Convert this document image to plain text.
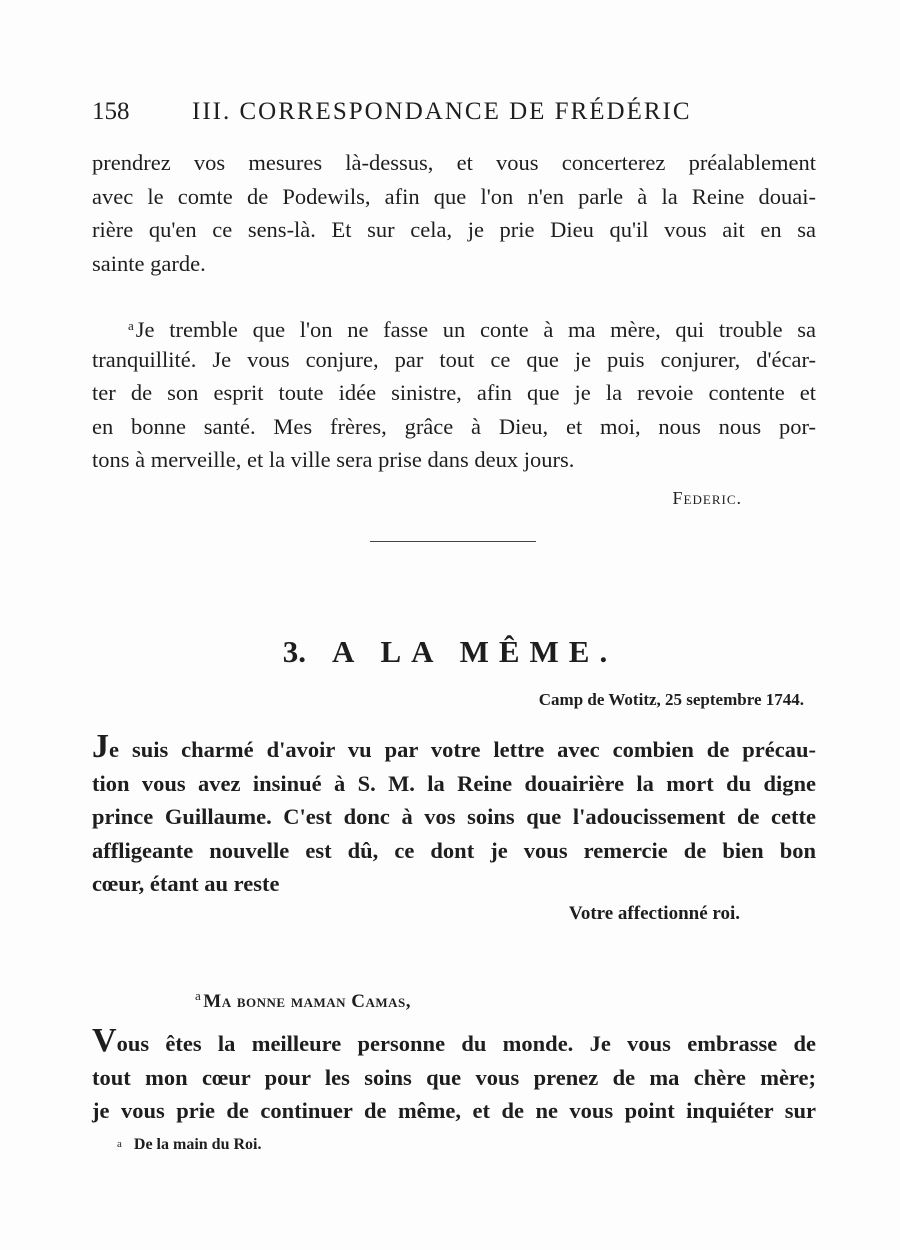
158	III. CORRESPONDANCE DE FRÉDÉRIC
prendrez vos mesures là-dessus, et vous concerterez préalablement
avec le comte de Podewils, afin que l'on n'en parle à la Reine douai-
rière qu'en ce sens-là. Et sur cela, je prie Dieu qu'il vous ait en sa
sainte garde.
$^a$Je tremble que l'on ne fasse un conte à ma mère, qui trouble sa
tranquillité. Je vous conjure, par tout ce que je puis conjurer, d'écar-
ter de son esprit toute idée sinistre, afin que je la revoie contente et
en bonne santé. Mes frères, grâce à Dieu, et moi, nous nous por-
tons à merveille, et la ville sera prise dans deux jours.
Federic.
3. A LA MÊME.
Camp de Wotitz, 25 septembre 1744.
Je suis charmé d'avoir vu par votre lettre avec combien de précau-
tion vous avez insinué à S. M. la Reine douairière la mort du digne
prince Guillaume. C'est donc à vos soins que l'adoucissement de cette
affligeante nouvelle est dû, ce dont je vous remercie de bien bon
cœur, étant au reste
Votre affectionné roi.
$^a$ Ma bonne maman Camas,
Vous êtes la meilleure personne du monde. Je vous embrasse de
tout mon cœur pour les soins que vous prenez de ma chère mère;
je vous prie de continuer de même, et de ne vous point inquiéter sur
a De la main du Roi.
